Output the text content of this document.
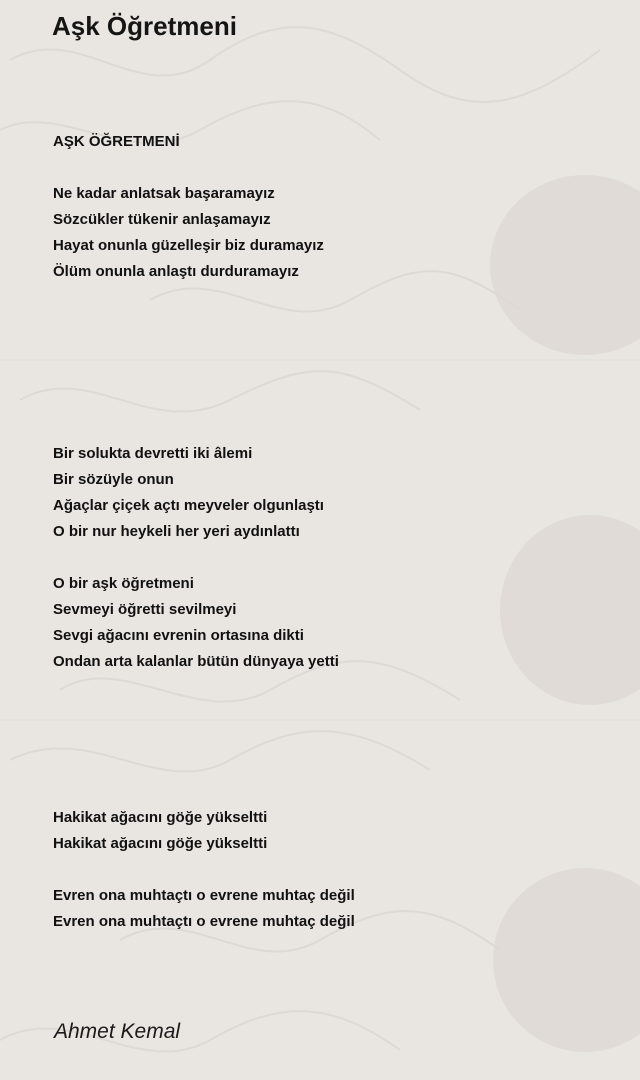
Aşk Öğretmeni
AŞK ÖĞRETMENİ
Ne kadar anlatsak başaramayız
Sözcükler tükenir anlaşamayız
Hayat onunla güzelleşir biz duramayız
Ölüm onunla anlaştı durduramayız
Bir solukta devretti iki âlemi
Bir sözüyle onun
Ağaçlar çiçek açtı meyveler olgunlaştı
O bir nur heykeli her yeri aydınlattı
O bir aşk öğretmeni
Sevmeyi öğretti sevilmeyi
Sevgi ağacını evrenin ortasına dikti
Ondan arta kalanlar bütün dünyaya yetti
Hakikat ağacını göğe yükseltti
Hakikat ağacını göğe yükseltti
Evren ona muhtaçtı o evrene muhtaç değil
Evren ona muhtaçtı o evrene muhtaç değil
Ahmet Kemal
